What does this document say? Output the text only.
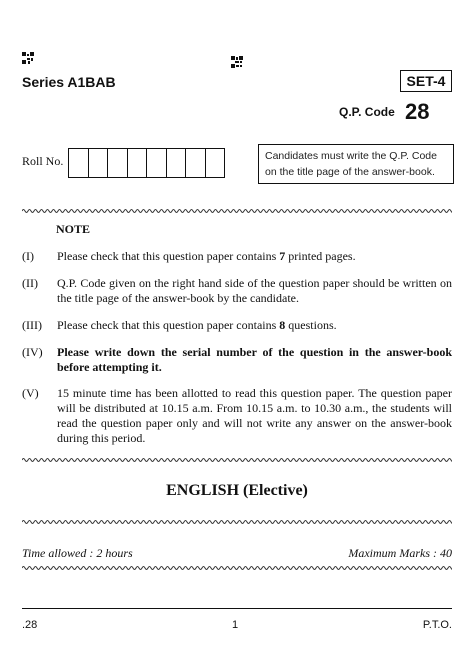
Series A1BAB	SET-4
Q.P. Code 28
Roll No.	Candidates must write the Q.P. Code on the title page of the answer-book.
NOTE
(I) Please check that this question paper contains 7 printed pages.
(II) Q.P. Code given on the right hand side of the question paper should be written on the title page of the answer-book by the candidate.
(III) Please check that this question paper contains 8 questions.
(IV) Please write down the serial number of the question in the answer-book before attempting it.
(V) 15 minute time has been allotted to read this question paper. The question paper will be distributed at 10.15 a.m. From 10.15 a.m. to 10.30 a.m., the students will read the question paper only and will not write any answer on the answer-book during this period.
ENGLISH (Elective)
Time allowed : 2 hours	Maximum Marks : 40
.28	1	P.T.O.
